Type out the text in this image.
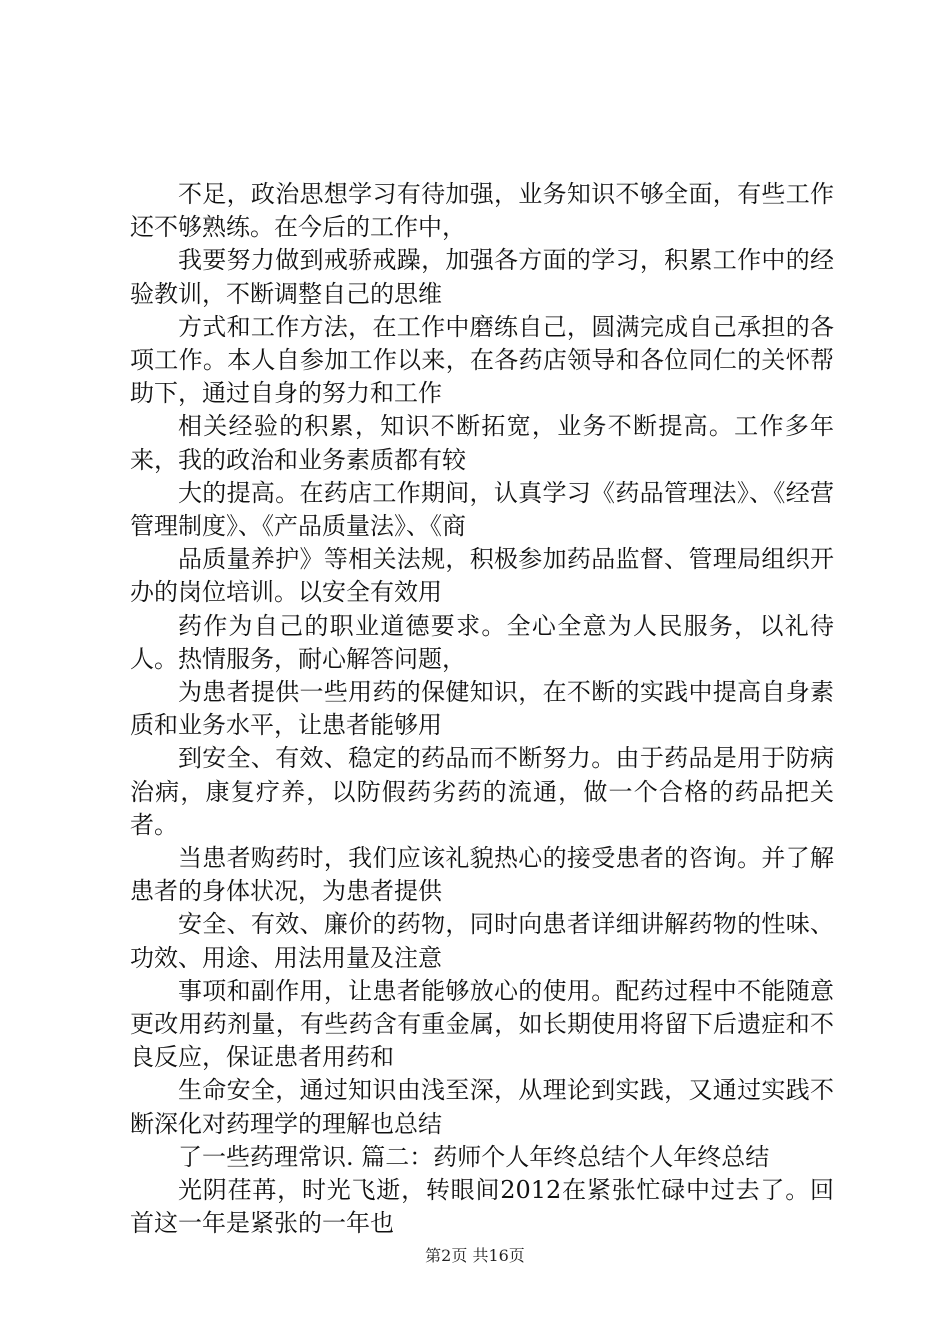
不足，政治思想学习有待加强，业务知识不够全面，有些工作还不够熟练。在今后的工作中，

我要努力做到戒骄戒躁，加强各方面的学习，积累工作中的经验教训，不断调整自己的思维

方式和工作方法，在工作中磨练自己，圆满完成自己承担的各项工作。本人自参加工作以来，在各药店领导和各位同仁的关怀帮助下，通过自身的努力和工作

相关经验的积累，知识不断拓宽，业务不断提高。工作多年来，我的政治和业务素质都有较

大的提高。在药店工作期间，认真学习《药品管理法》、《经营管理制度》、《产品质量法》、《商

品质量养护》等相关法规，积极参加药品监督、管理局组织开办的岗位培训。以安全有效用

药作为自己的职业道德要求。全心全意为人民服务，以礼待人。热情服务，耐心解答问题，

为患者提供一些用药的保健知识，在不断的实践中提高自身素质和业务水平，让患者能够用

到安全、有效、稳定的药品而不断努力。由于药品是用于防病治病，康复疗养，以防假药劣药的流通，做一个合格的药品把关者。

当患者购药时，我们应该礼貌热心的接受患者的咨询。并了解患者的身体状况，为患者提供

安全、有效、廉价的药物，同时向患者详细讲解药物的性味、功效、用途、用法用量及注意

事项和副作用，让患者能够放心的使用。配药过程中不能随意更改用药剂量，有些药含有重金属，如长期使用将留下后遗症和不良反应，保证患者用药和

生命安全，通过知识由浅至深，从理论到实践，又通过实践不断深化对药理学的理解也总结

了一些药理常识. 篇二：药师个人年终总结个人年终总结

光阴荏苒，时光飞逝，转眼间2012在紧张忙碌中过去了。回首这一年是紧张的一年也

第2页 共16页
